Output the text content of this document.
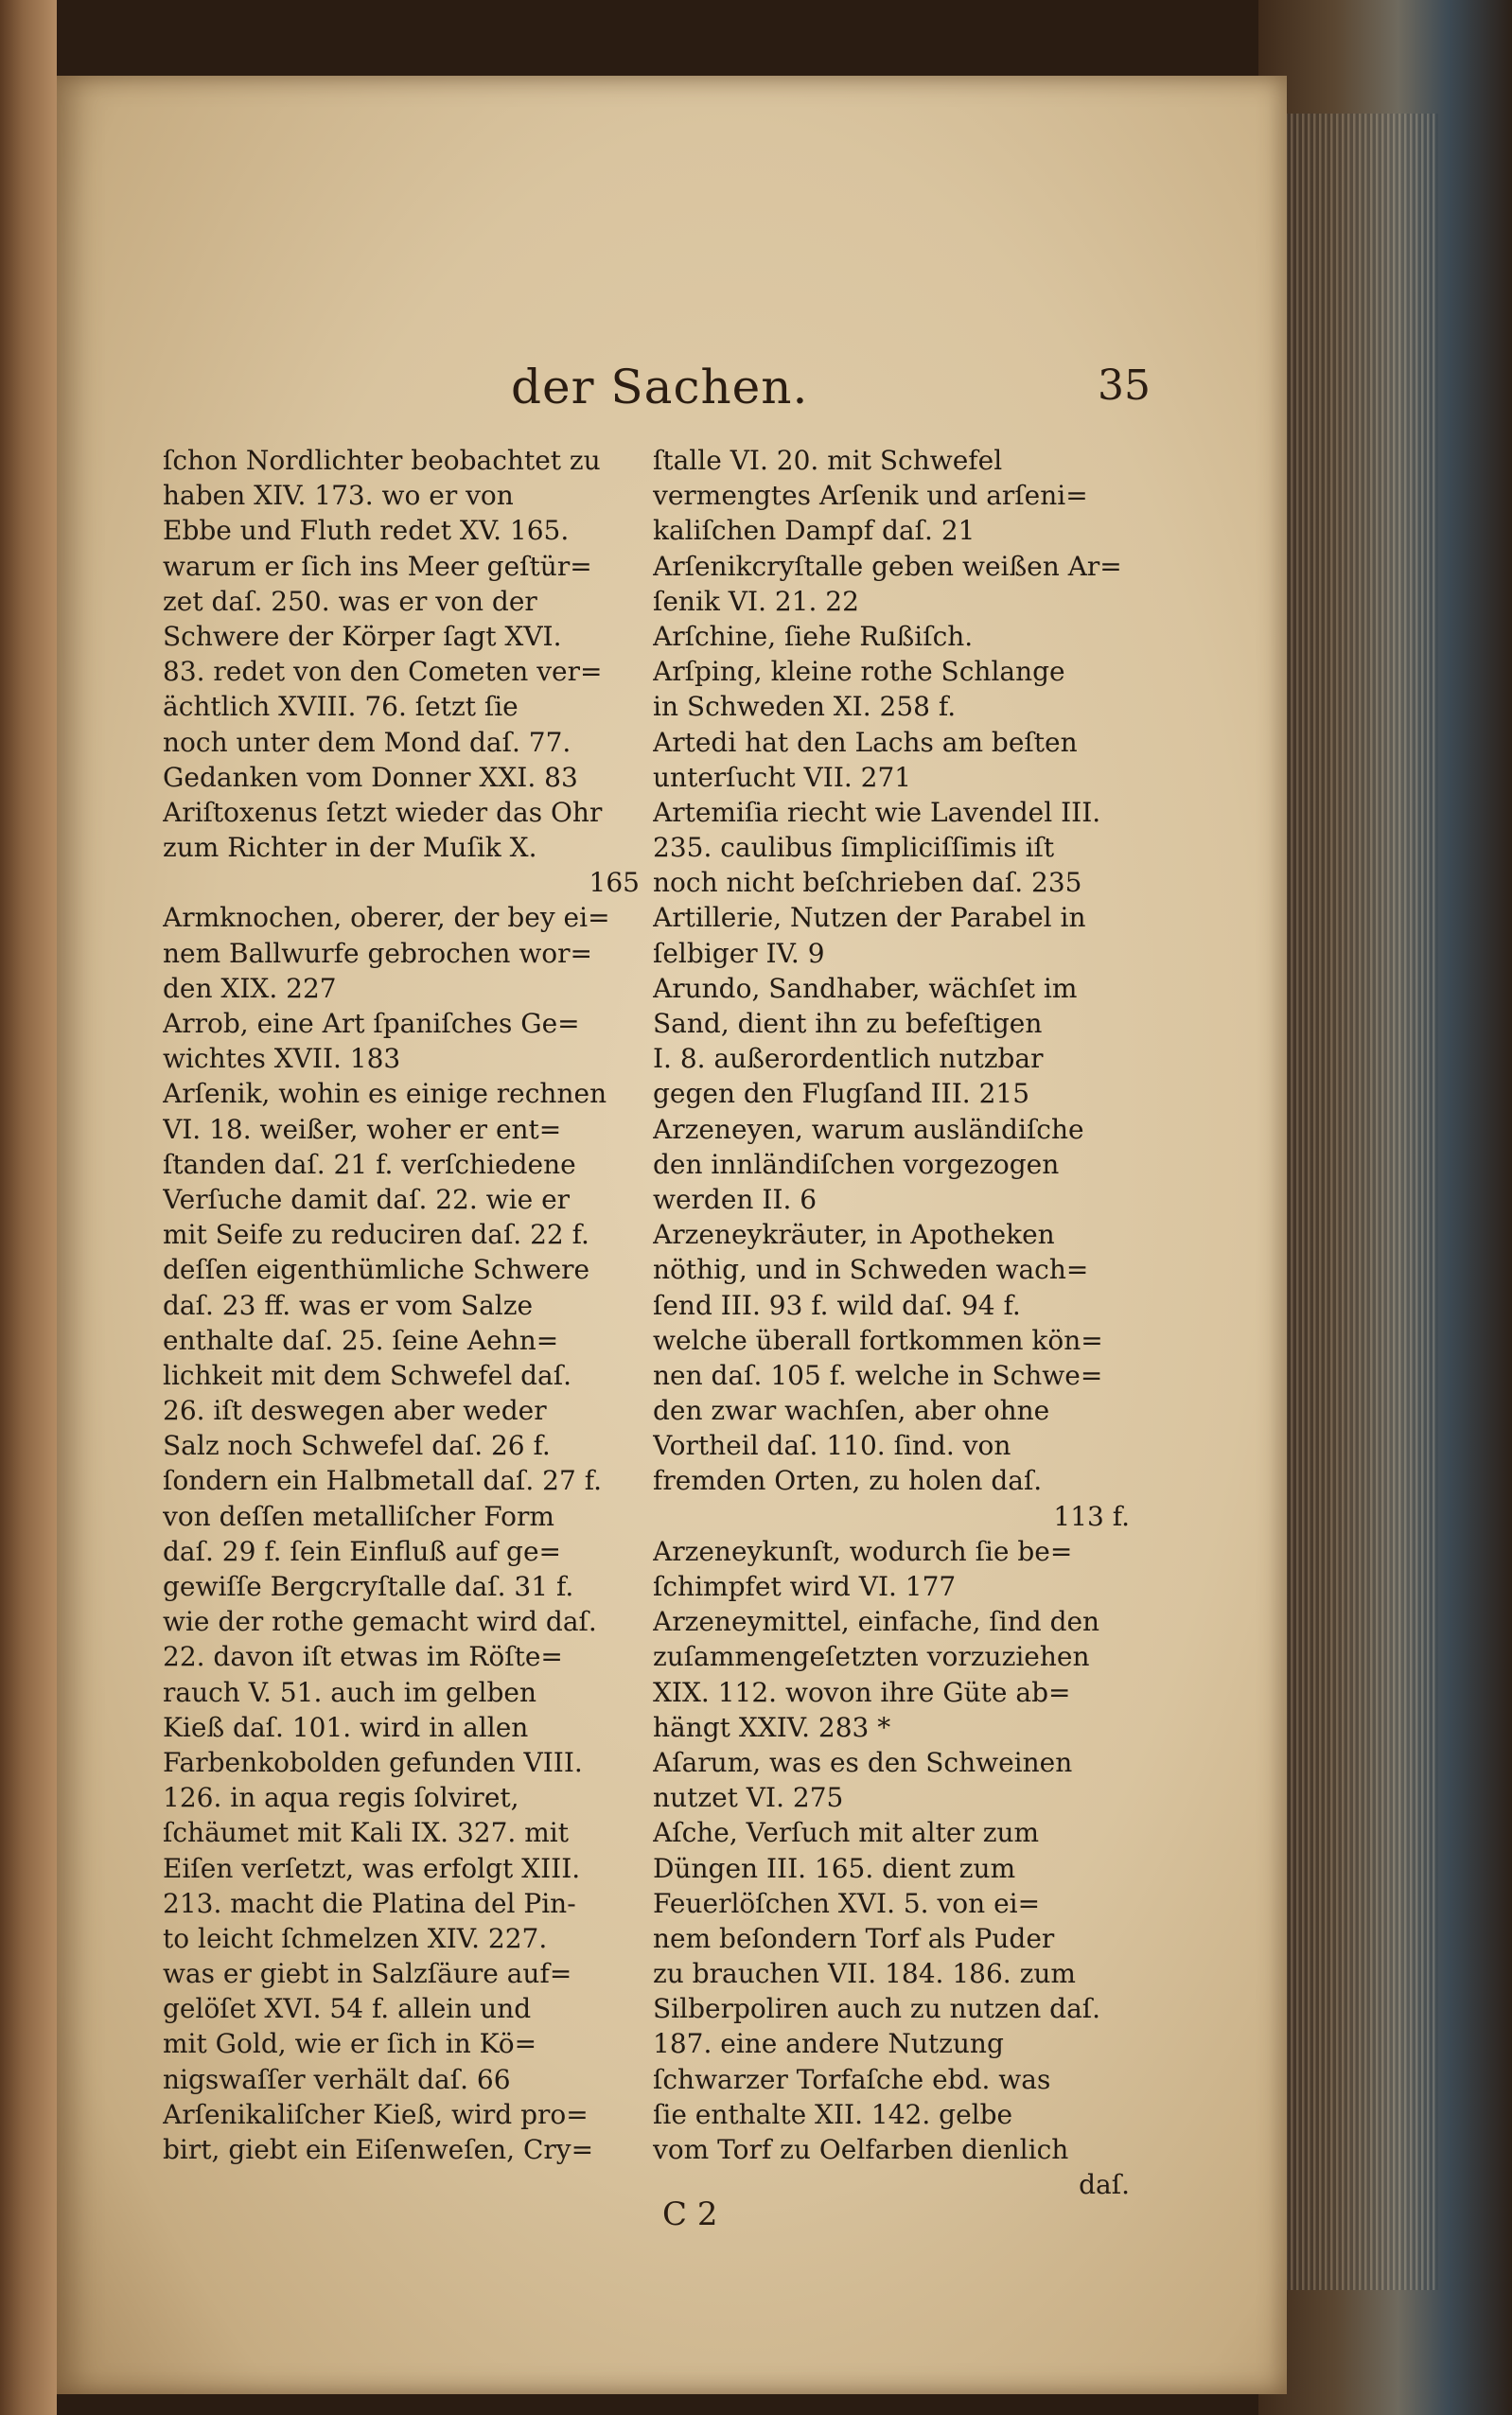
der Sachen.	35
ſchon Nordlichter beobachtet zu
haben XIV. 173. wo er von
Ebbe und Fluth redet XV. 165.
warum er ſich ins Meer geſtür=
zet daſ. 250. was er von der
Schwere der Körper ſagt XVI.
83. redet von den Cometen ver=
ächtlich XVIII. 76. ſetzt ſie
noch unter dem Mond daſ. 77.
Gedanken vom Donner XXI. 83
Ariſtoxenus ſetzt wieder das Ohr
zum Richter in der Muſik X.
165
Armknochen, oberer, der bey ei=
nem Ballwurfe gebrochen wor=
den XIX. 227
Arrob, eine Art ſpaniſches Ge=
wichtes XVII. 183
Arſenik, wohin es einige rechnen
VI. 18. weißer, woher er ent=
ſtanden daſ. 21 f. verſchiedene
Verſuche damit daſ. 22. wie er
mit Seife zu reduciren daſ. 22 f.
deſſen eigenthümliche Schwere
daſ. 23 ff. was er vom Salze
enthalte daſ. 25. ſeine Aehn=
lichkeit mit dem Schwefel daſ.
26. iſt deswegen aber weder
Salz noch Schwefel daſ. 26 f.
ſondern ein Halbmetall daſ. 27 f.
von deſſen metalliſcher Form
daſ. 29 f. ſein Einfluß auf ge=
gewiſſe Bergcryſtalle daſ. 31 f.
wie der rothe gemacht wird daſ.
22. davon iſt etwas im Röſte=
rauch V. 51. auch im gelben
Kieß daſ. 101. wird in allen
Farbenkobolden gefunden VIII.
126. in aqua regis ſolviret,
ſchäumet mit Kali IX. 327. mit
Eiſen verſetzt, was erfolgt XIII.
213. macht die Platina del Pin-
to leicht ſchmelzen XIV. 227.
was er giebt in Salzſäure auf=
gelöſet XVI. 54 f. allein und
mit Gold, wie er ſich in Kö=
nigswaſſer verhält daſ. 66
Arſenikaliſcher Kieß, wird pro=
birt, giebt ein Eiſenweſen, Cry=
ſtalle VI. 20. mit Schwefel
vermengtes Arſenik und arſeni=
kaliſchen Dampf daſ. 21
Arſenikcryſtalle geben weißen Ar=
ſenik VI. 21. 22
Arſchine, ſiehe Rußiſch.
Arſping, kleine rothe Schlange
in Schweden XI. 258 f.
Artedi hat den Lachs am beſten
unterſucht VII. 271
Artemiſia riecht wie Lavendel III.
235. caulibus ſimpliciſſimis iſt
noch nicht beſchrieben daſ. 235
Artillerie, Nutzen der Parabel in
ſelbiger IV. 9
Arundo, Sandhaber, wächſet im
Sand, dient ihn zu befeſtigen
I. 8. außerordentlich nutzbar
gegen den Flugſand III. 215
Arzeneyen, warum ausländiſche
den innländiſchen vorgezogen
werden II. 6
Arzeneykräuter, in Apotheken
nöthig, und in Schweden wach=
ſend III. 93 f. wild daſ. 94 f.
welche überall fortkommen kön=
nen daſ. 105 f. welche in Schwe=
den zwar wachſen, aber ohne
Vortheil daſ. 110. ſind. von
fremden Orten, zu holen daſ.
113 f.
Arzeneykunſt, wodurch ſie be=
ſchimpfet wird VI. 177
Arzeneymittel, einfache, ſind den
zuſammengeſetzten vorzuziehen
XIX. 112. wovon ihre Güte ab=
hängt XXIV. 283 *
Aſarum, was es den Schweinen
nutzet VI. 275
Aſche, Verſuch mit alter zum
Düngen III. 165. dient zum
Feuerlöſchen XVI. 5. von ei=
nem beſondern Torf als Puder
zu brauchen VII. 184. 186. zum
Silberpoliren auch zu nutzen daſ.
187. eine andere Nutzung
ſchwarzer Torfaſche ebd. was
ſie enthalte XII. 142. gelbe
vom Torf zu Oelfarben dienlich
daſ.
C 2
